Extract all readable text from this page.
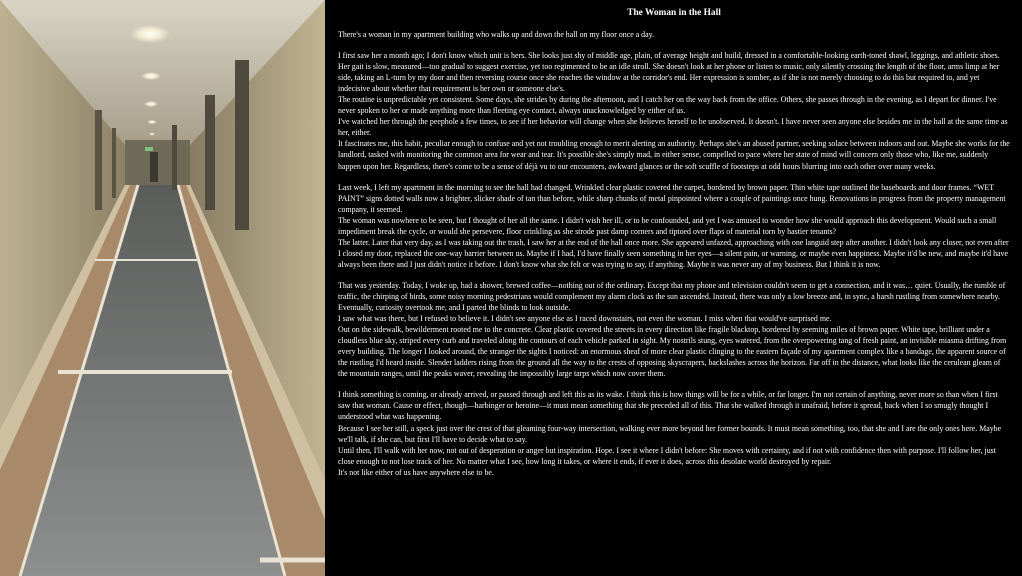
The Woman in the Hall

There's a woman in my apartment building who walks up and down the hall on my floor once a day.

I first saw her a month ago; I don't know which unit is hers. She looks just shy of middle age, plain, of average height and build, dressed in a comfortable-looking earth-toned shawl, leggings, and athletic shoes. Her gait is slow, measured—too gradual to suggest exercise, yet too regimented to be an idle stroll. She doesn't look at her phone or listen to music, only silently crossing the length of the floor, arms limp at her side, taking an L-turn by my door and then reversing course once she reaches the window at the corridor's end. Her expression is somber, as if she is not merely choosing to do this but required to, and yet indecisive about whether that requirement is her own or someone else's.

The routine is unpredictable yet consistent. Some days, she strides by during the afternoon, and I catch her on the way back from the office. Others, she passes through in the evening, as I depart for dinner. I've never spoken to her or made anything more than fleeting eye contact, always unacknowledged by either of us.

I've watched her through the peephole a few times, to see if her behavior will change when she believes herself to be unobserved. It doesn't. I have never seen anyone else besides me in the hall at the same time as her, either.

It fascinates me, this habit, peculiar enough to confuse and yet not troubling enough to merit alerting an authority. Perhaps she's an abused partner, seeking solace between indoors and out. Maybe she works for the landlord, tasked with monitoring the common area for wear and tear. It's possible she's simply mad, in either sense, compelled to pace where her state of mind will concern only those who, like me, suddenly happen upon her. Regardless, there's come to be a sense of déjà vu to our encounters, awkward glances or the soft scuffle of footsteps at odd hours blurring into each other over many weeks.

Last week, I left my apartment in the morning to see the hall had changed. Wrinkled clear plastic covered the carpet, bordered by brown paper. Thin white tape outlined the baseboards and door frames. “WET PAINT” signs dotted walls now a brighter, slicker shade of tan than before, while sharp chunks of metal pinpointed where a couple of paintings once hung. Renovations in progress from the property management company, it seemed.

The woman was nowhere to be seen, but I thought of her all the same. I didn't wish her ill, or to be confounded, and yet I was amused to wonder how she would approach this development. Would such a small impediment break the cycle, or would she persevere, floor crinkling as she strode past damp corners and tiptoed over flaps of material torn by hastier tenants?

The latter. Later that very day, as I was taking out the trash, I saw her at the end of the hall once more. She appeared unfazed, approaching with one languid step after another. I didn't look any closer, not even after I closed my door, replaced the one-way barrier between us. Maybe if I had, I'd have finally seen something in her eyes—a silent pain, or warning, or maybe even happiness. Maybe it'd be new, and maybe it'd have always been there and I just didn't notice it before. I don't know what she felt or was trying to say, if anything. Maybe it was never any of my business. But I think it is now.

That was yesterday. Today, I woke up, had a shower, brewed coffee—nothing out of the ordinary. Except that my phone and television couldn't seem to get a connection, and it was… quiet. Usually, the rumble of traffic, the chirping of birds, some noisy morning pedestrians would complement my alarm clock as the sun ascended. Instead, there was only a low breeze and, in sync, a harsh rustling from somewhere nearby. Eventually, curiosity overtook me, and I parted the blinds to look outside.

I saw what was there, but I refused to believe it. I didn't see anyone else as I raced downstairs, not even the woman. I miss when that would've surprised me.

Out on the sidewalk, bewilderment rooted me to the concrete. Clear plastic covered the streets in every direction like fragile blacktop, bordered by seeming miles of brown paper. White tape, brilliant under a cloudless blue sky, striped every curb and traveled along the contours of each vehicle parked in sight. My nostrils stung, eyes watered, from the overpowering tang of fresh paint, an invisible miasma drifting from every building. The longer I looked around, the stranger the sights I noticed: an enormous sheaf of more clear plastic clinging to the eastern façade of my apartment complex like a bandage, the apparent source of the rustling I'd heard inside. Slender ladders rising from the ground all the way to the crests of opposing skyscrapers, backslashes across the horizon. Far off in the distance, what looks like the cerulean gleam of the mountain ranges, until the peaks waver, revealing the impossibly large tarps which now cover them.

I think something is coming, or already arrived, or passed through and left this as its wake. I think this is how things will be for a while, or far longer. I'm not certain of anything, never more so than when I first saw that woman. Cause or effect, though—harbinger or heroine—it must mean something that she preceded all of this. That she walked through it unafraid, before it spread, back when I so smugly thought I understood what was happening.

Because I see her still, a speck just over the crest of that gleaming four-way intersection, walking ever more beyond her former bounds. It must mean something, too, that she and I are the only ones here. Maybe we'll talk, if she can, but first I'll have to decide what to say.

Until then, I'll walk with her now, not out of desperation or anger but inspiration. Hope. I see it where I didn't before: She moves with certainty, and if not with confidence then with purpose. I'll follow her, just close enough to not lose track of her. No matter what I see, how long it takes, or where it ends, if ever it does, across this desolate world destroyed by repair.

It's not like either of us have anywhere else to be.
